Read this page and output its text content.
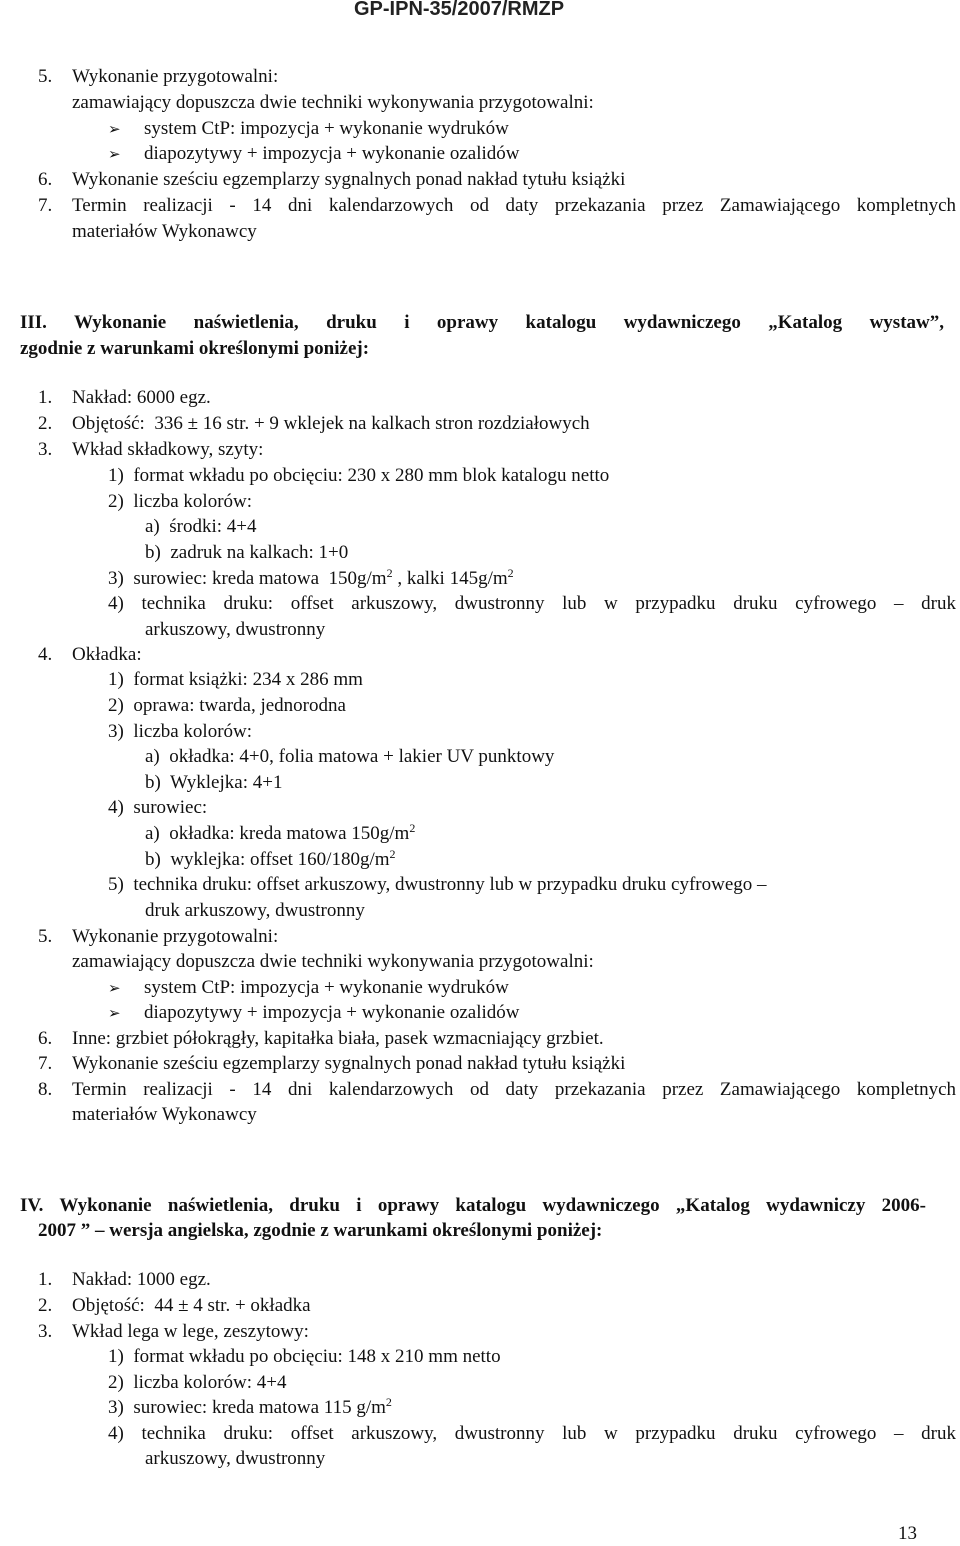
GP-IPN-35/2007/RMZP
5. Wykonanie przygotowalni:
zamawiający dopuszcza dwie techniki wykonywania przygotowalni:
➢ system CtP: impozycja + wykonanie wydruków
➢ diapozytywy + impozycja + wykonanie ozalidów
6. Wykonanie sześciu egzemplarzy sygnalnych ponad nakład tytułu książki
7. Termin realizacji - 14 dni kalendarzowych od daty przekazania przez Zamawiającego kompletnych
materiałów Wykonawcy
III. Wykonanie naświetlenia, druku i oprawy katalogu wydawniczego „Katalog wystaw”,
zgodnie z warunkami określonymi poniżej:
1. Nakład: 6000 egz.
2. Objętość:  336 ± 16 str. + 9 wklejek na kalkach stron rozdziałowych
3. Wkład składkowy, szyty:
1)  format wkładu po obcięciu: 230 x 280 mm blok katalogu netto
2)  liczba kolorów:
a)  środki: 4+4
b)  zadruk na kalkach: 1+0
3)  surowiec: kreda matowa  $150g/m^2$ , kalki $145g/m^2$
4) technika druku: offset arkuszowy, dwustronny lub w przypadku druku cyfrowego – druk
arkuszowy, dwustronny
4. Okładka:
1)  format książki: 234 x 286 mm
2)  oprawa: twarda, jednorodna
3)  liczba kolorów:
a)  okładka: 4+0, folia matowa + lakier UV punktowy
b)  Wyklejka: 4+1
4)  surowiec:
a)  okładka: kreda matowa $150g/m^2$
b)  wyklejka: offset $160/180g/m^2$
5)  technika druku: offset arkuszowy, dwustronny lub w przypadku druku cyfrowego –
druk arkuszowy, dwustronny
5. Wykonanie przygotowalni:
zamawiający dopuszcza dwie techniki wykonywania przygotowalni:
➢ system CtP: impozycja + wykonanie wydruków
➢ diapozytywy + impozycja + wykonanie ozalidów
6. Inne: grzbiet półokrągły, kapitałka biała, pasek wzmacniający grzbiet.
7. Wykonanie sześciu egzemplarzy sygnalnych ponad nakład tytułu książki
8. Termin realizacji - 14 dni kalendarzowych od daty przekazania przez Zamawiającego kompletnych
materiałów Wykonawcy
IV. Wykonanie naświetlenia, druku i oprawy katalogu wydawniczego „Katalog wydawniczy 2006-
2007 ” – wersja angielska, zgodnie z warunkami określonymi poniżej:
1. Nakład: 1000 egz.
2. Objętość:  44 ± 4 str. + okładka
3. Wkład lega w lege, zeszytowy:
1)  format wkładu po obcięciu: 148 x 210 mm netto
2)  liczba kolorów: 4+4
3)  surowiec: kreda matowa 115 $g/m^2$
4) technika druku: offset arkuszowy, dwustronny lub w przypadku druku cyfrowego – druk
arkuszowy, dwustronny
13
